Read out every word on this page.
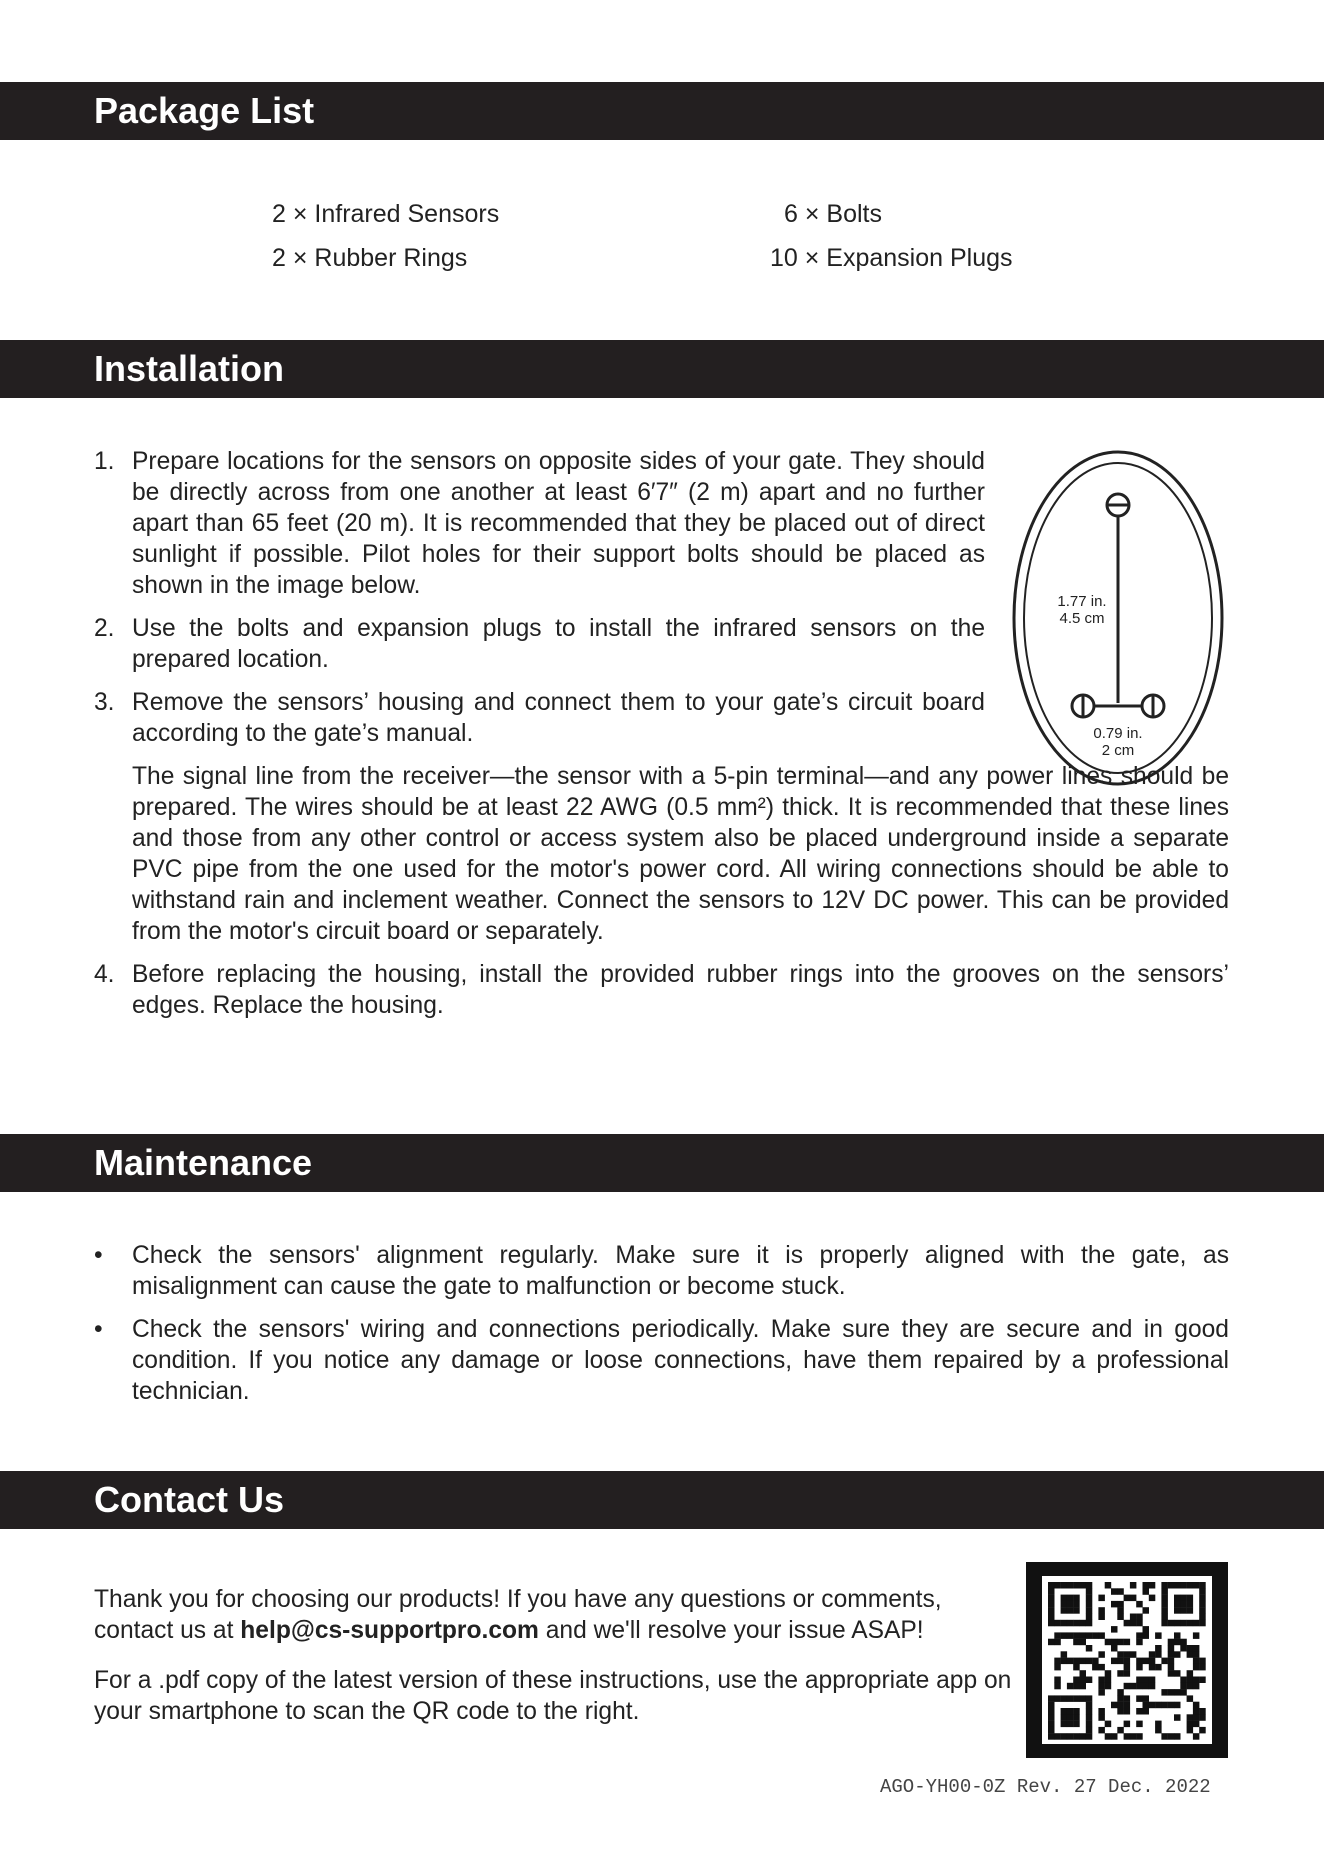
Package List
2 × Infrared Sensors	6 × Bolts
2 × Rubber Rings	10 × Expansion Plugs
Installation
1. Prepare locations for the sensors on opposite sides of your gate. They should be directly across from one another at least 6′7″ (2 m) apart and no further apart than 65 feet (20 m). It is recommended that they be placed out of direct sunlight if possible. Pilot holes for their support bolts should be placed as shown in the image below.

2. Use the bolts and expansion plugs to install the infrared sensors on the prepared location.

3. Remove the sensors’ housing and connect them to your gate’s circuit board according to the gate’s manual.

The signal line from the receiver—the sensor with a 5-pin terminal—and any power lines should be prepared. The wires should be at least 22 AWG (0.5 mm²) thick. It is recommended that these lines and those from any other control or access system also be placed underground inside a separate PVC pipe from the one used for the motor's power cord. All wiring connections should be able to withstand rain and inclement weather. Connect the sensors to 12V DC power. This can be provided from the motor's circuit board or separately.

4. Before replacing the housing, install the provided rubber rings into the grooves on the sensors’ edges. Replace the housing.

1.77 in.
4.5 cm
0.79 in.
2 cm
Maintenance
• Check the sensors' alignment regularly. Make sure it is properly aligned with the gate, as misalignment can cause the gate to malfunction or become stuck.

• Check the sensors' wiring and connections periodically. Make sure they are secure and in good condition. If you notice any damage or loose connections, have them repaired by a professional technician.

Contact Us

Thank you for choosing our products! If you have any questions or comments, contact us at help@cs-supportpro.com and we'll resolve your issue ASAP!

For a .pdf copy of the latest version of these instructions, use the appropriate app on your smartphone to scan the QR code to the right.

AGO-YH00-0Z Rev. 27 Dec. 2022
